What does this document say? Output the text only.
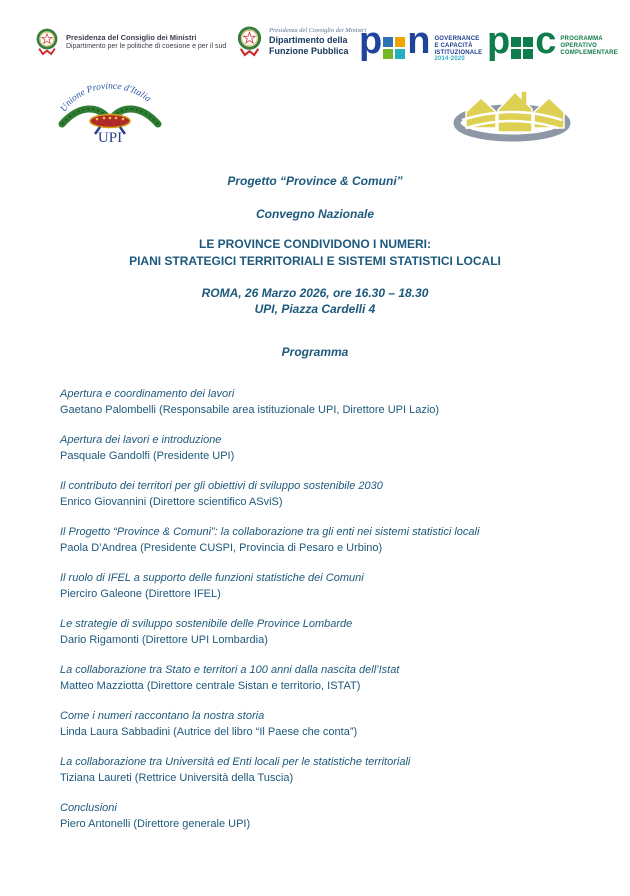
Presidenza del Consiglio dei Ministri
Dipartimento per le politiche di coesione e per il sud
Presidenza del Consiglio dei Ministri
Dipartimento della
Funzione Pubblica p n GOVERNANCE
E CAPACITÀ
ISTITUZIONALE
2014-2020 p c PROGRAMMA
OPERATIVO
COMPLEMENTARE
Unione Province d'Italia
UPI
Progetto “Province & Comuni”
Convegno Nazionale
LE PROVINCE CONDIVIDONO I NUMERI:
PIANI STRATEGICI TERRITORIALI E SISTEMI STATISTICI LOCALI
ROMA, 26 Marzo 2026, ore 16.30 – 18.30
UPI, Piazza Cardelli 4
Programma
Apertura e coordinamento dei lavori
Gaetano Palombelli (Responsabile area istituzionale UPI, Direttore UPI Lazio)
Apertura dei lavori e introduzione
Pasquale Gandolfi (Presidente UPI)
Il contributo dei territori per gli obiettivi di sviluppo sostenibile 2030
Enrico Giovannini (Direttore scientifico ASviS)
Il Progetto “Province & Comuni”: la collaborazione tra gli enti nei sistemi statistici locali
Paola D’Andrea (Presidente CUSPI, Provincia di Pesaro e Urbino)
Il ruolo di IFEL a supporto delle funzioni statistiche dei Comuni
Pierciro Galeone (Direttore IFEL)
Le strategie di sviluppo sostenibile delle Province Lombarde
Dario Rigamonti (Direttore UPI Lombardia)
La collaborazione tra Stato e territori a 100 anni dalla nascita dell’Istat
Matteo Mazziotta (Direttore centrale Sistan e territorio, ISTAT)
Come i numeri raccontano la nostra storia
Linda Laura Sabbadini (Autrice del libro “Il Paese che conta”)
La collaborazione tra Università ed Enti locali per le statistiche territoriali
Tiziana Laureti (Rettrice Università della Tuscia)
Conclusioni
Piero Antonelli (Direttore generale UPI)
